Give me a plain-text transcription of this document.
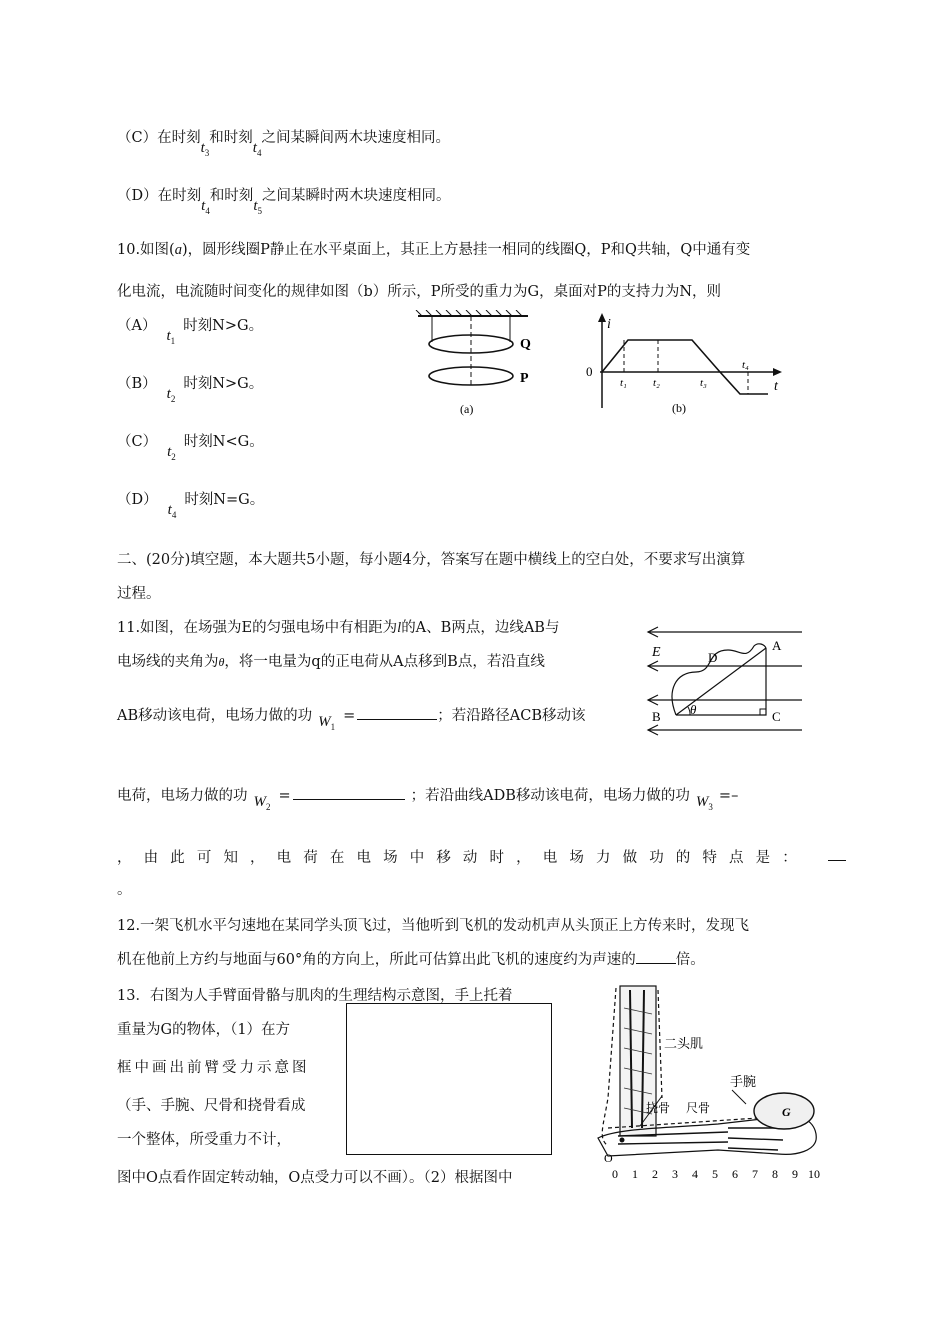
（C）在时刻$t_3$和时刻$t_4$之间某瞬间两木块速度相同。
（D）在时刻$t_4$和时刻$t_5$之间某瞬时两木块速度相同。
10.如图(a)，圆形线圈P静止在水平桌面上，其正上方悬挂一相同的线圈Q，P和Q共轴，Q中通有变
化电流，电流随时间变化的规律如图（b）所示，P所受的重力为G，桌面对P的支持力为N，则
$(A)t_1$时刻N>G。
$(B)t_2$时刻N>G。
$(C)t_2$时刻N<G。
$(D)t_4$时刻N=G。
Q
P
(a)
i
0
t
t₁ t₂	t₃
t₄
(b)
二、(20分)填空题，本大题共5小题，每小题4分，答案写在题中横线上的空白处，不要求写出演算
过程。
11.如图，在场强为E的匀强电场中有相距为l的A、B两点，边线AB与
电场线的夹角为θ，将一电量为q的正电荷从A点移到B点，若沿直线
AB移动该电荷，电场力做的功 $W_1=$	；若沿路径ACB移动该
电荷，电场力做的功 $W_2=$	；若沿曲线ADB移动该电荷，电场力做的功 $W_3=-$
， 由 此 可 知 ， 电 荷 在 电 场 中 移 动 时 ， 电 场 力 做 功 的 特 点 是 ：
。
E
θ
A
B	C
D
12.一架飞机水平匀速地在某同学头顶飞过，当他听到飞机的发动机声从头顶正上方传来时，发现飞
机在他前上方约与地面与60°角的方向上，所此可估算出此飞机的速度约为声速的	倍。
13．右图为人手臂面骨骼与肌肉的生理结构示意图，手上托着
重量为G的物体，（1）在方
框中画出前臂受力示意图
（手、手腕、尺骨和挠骨看成
一个整体，所受重力不计，
图中O点看作固定转动轴，O点受力可以不画）。（2）根据图中
G
O
二头肌
挠骨 尺骨
手腕
0 1 2 3 4 5 6 7 8 9 10
